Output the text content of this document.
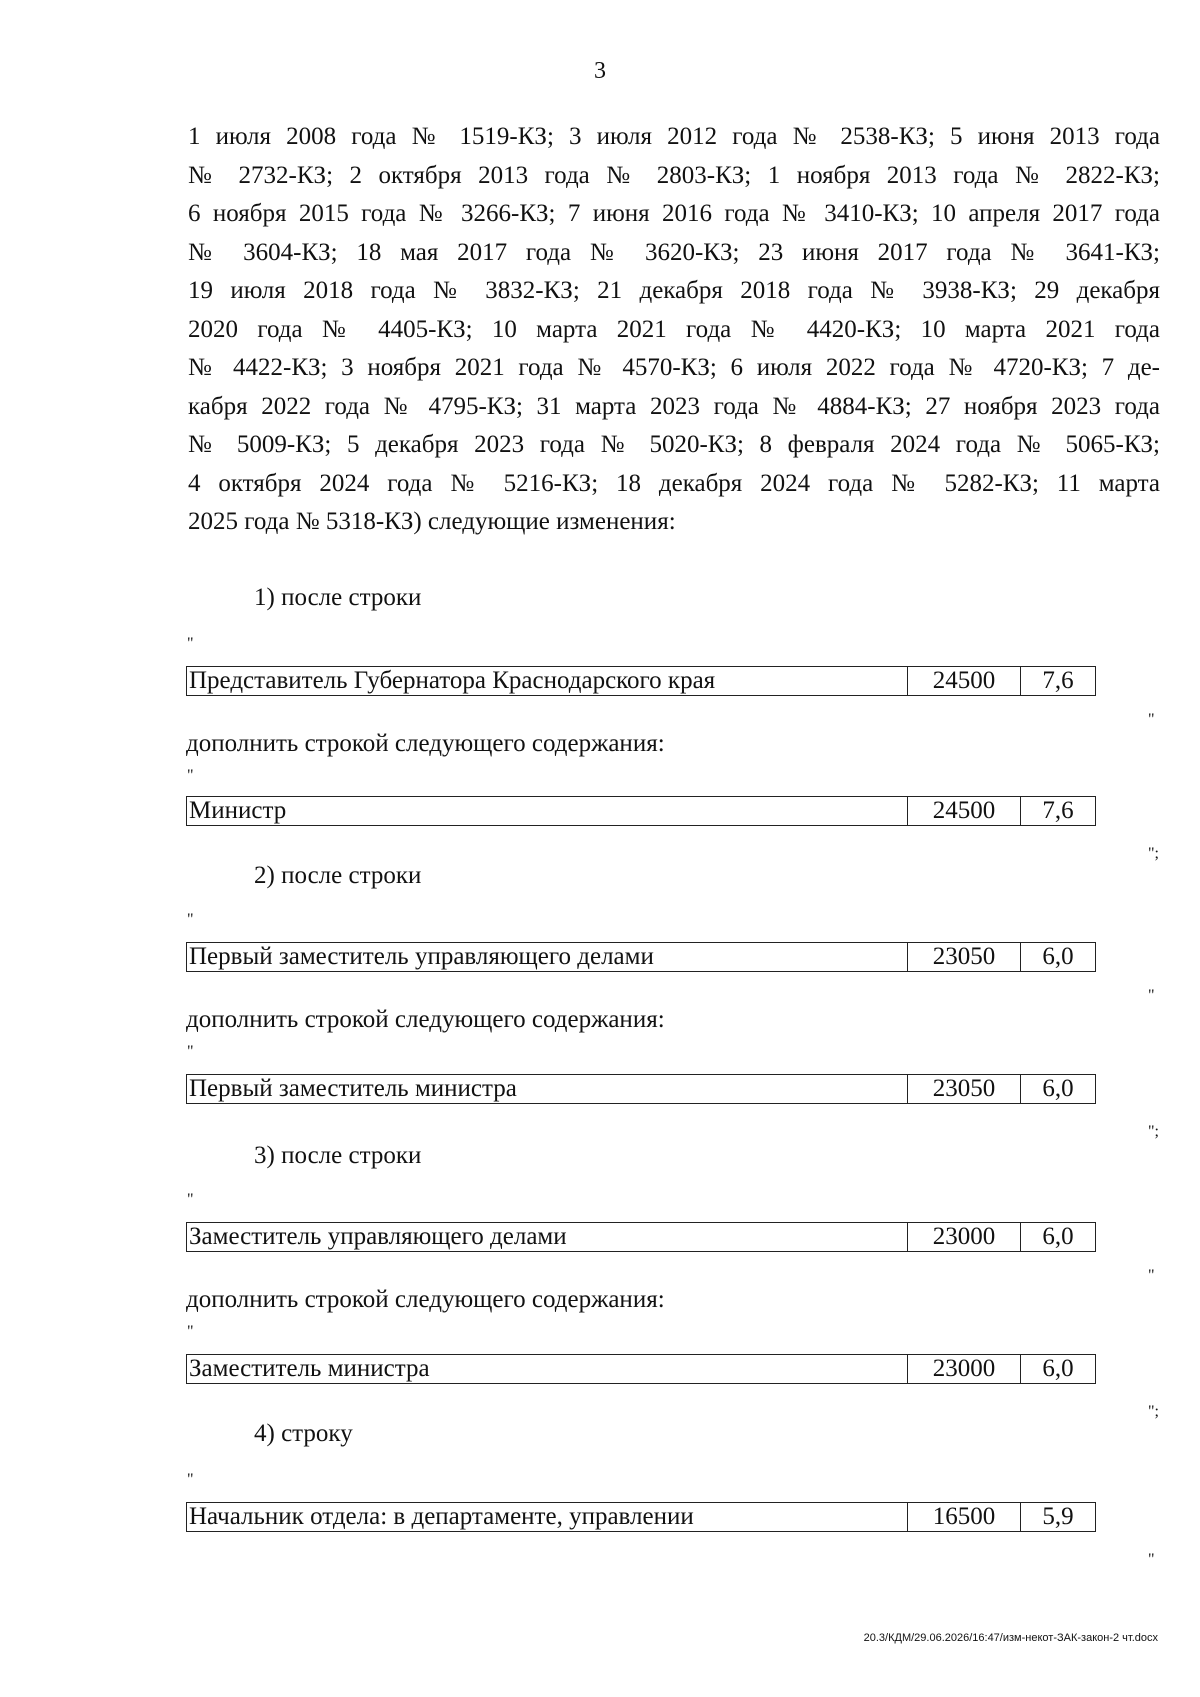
3
1 июля 2008 года № 1519-КЗ; 3 июля 2012 года № 2538-КЗ; 5 июня 2013 года
№ 2732-КЗ; 2 октября 2013 года № 2803-КЗ; 1 ноября 2013 года № 2822-КЗ;
6 ноября 2015 года № 3266-КЗ; 7 июня 2016 года № 3410-КЗ; 10 апреля 2017 года
№ 3604-КЗ; 18 мая 2017 года № 3620-КЗ; 23 июня 2017 года № 3641-КЗ;
19 июля 2018 года № 3832-КЗ; 21 декабря 2018 года № 3938-КЗ; 29 декабря
2020 года № 4405-КЗ; 10 марта 2021 года № 4420-КЗ; 10 марта 2021 года
№ 4422-КЗ; 3 ноября 2021 года № 4570-КЗ; 6 июля 2022 года № 4720-КЗ; 7 де-
кабря 2022 года № 4795-КЗ; 31 марта 2023 года № 4884-КЗ; 27 ноября 2023 года
№ 5009-КЗ; 5 декабря 2023 года № 5020-КЗ; 8 февраля 2024 года № 5065-КЗ;
4 октября 2024 года № 5216-КЗ; 18 декабря 2024 года № 5282-КЗ; 11 марта
2025 года № 5318-КЗ) следующие изменения:
1) после строки
"
Представитель Губернатора Краснодарского края	24500	7,6
"
дополнить строкой следующего содержания:
"
Министр	24500	7,6
";
2) после строки
"
Первый заместитель управляющего делами	23050	6,0
"
дополнить строкой следующего содержания:
"
Первый заместитель министра	23050	6,0
";
3) после строки
"
Заместитель управляющего делами	23000	6,0
"
дополнить строкой следующего содержания:
"
Заместитель министра	23000	6,0
";
4) строку
"
Начальник отдела: в департаменте, управлении	16500	5,9
"
20.3/КДМ/29.06.2026/16:47/изм-некот-ЗАК-закон-2 чт.docx
